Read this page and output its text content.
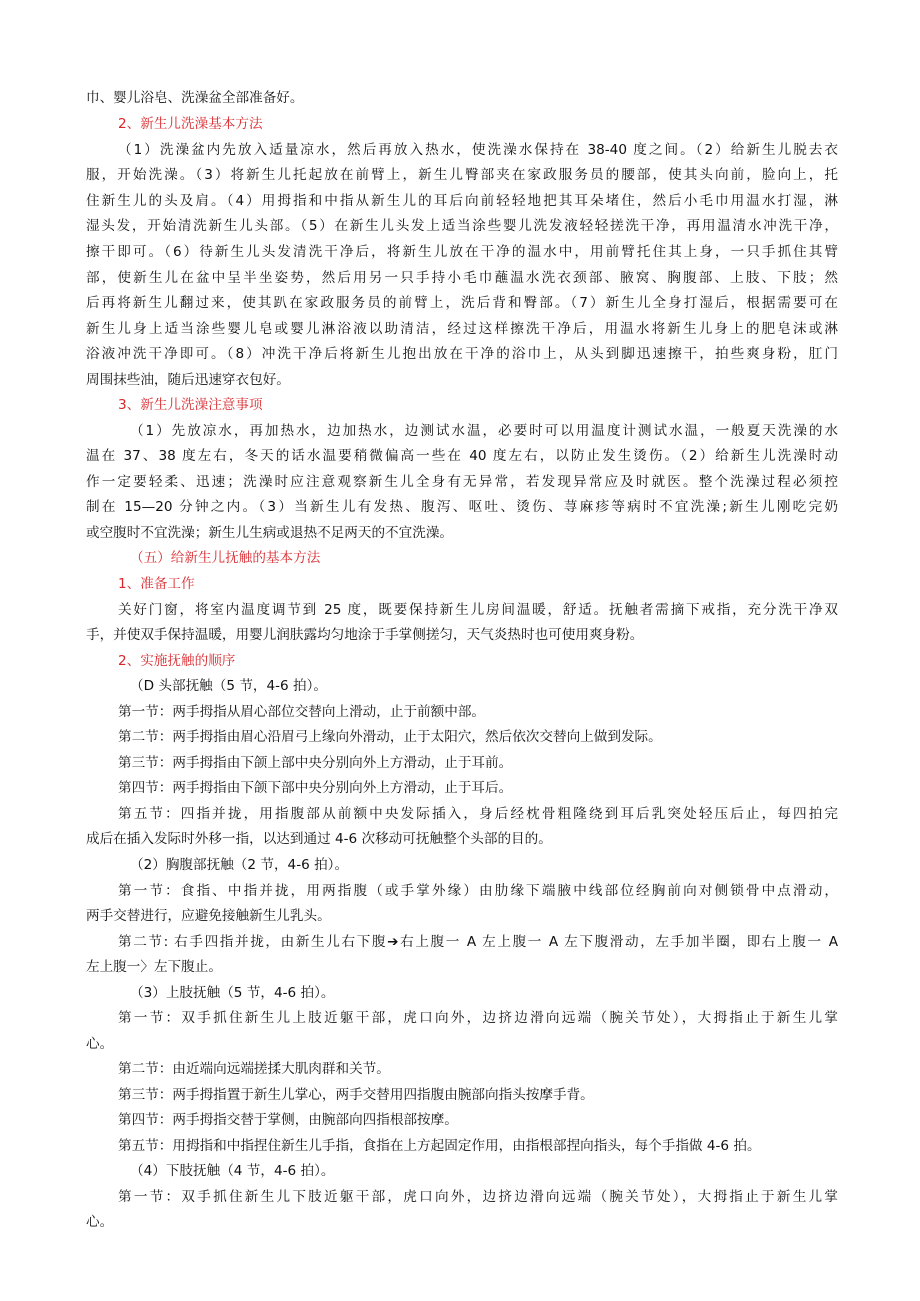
巾、婴儿浴皂、洗澡盆全部准备好。
2、新生儿洗澡基本方法
（1）洗澡盆内先放入适量凉水，然后再放入热水，使洗澡水保持在 38-40 度之间。（2）给新生儿脱去衣
服，开始洗澡。（3）将新生儿托起放在前臂上，新生儿臀部夹在家政服务员的腰部，使其头向前，脸向上，托
住新生儿的头及肩。（4）用拇指和中指从新生儿的耳后向前轻轻地把其耳朵堵住，然后小毛巾用温水打湿，淋
湿头发，开始清洗新生儿头部。（5）在新生儿头发上适当涂些婴儿洗发液轻轻搓洗干净，再用温清水冲洗干净，
擦干即可。（6）待新生儿头发清洗干净后，将新生儿放在干净的温水中，用前臂托住其上身，一只手抓住其臂
部，使新生儿在盆中呈半坐姿势，然后用另一只手持小毛巾蘸温水洗衣颈部、腋窝、胸腹部、上肢、下肢；然
后再将新生儿翻过来，使其趴在家政服务员的前臂上，洗后背和臀部。（7）新生儿全身打湿后，根据需要可在
新生儿身上适当涂些婴儿皂或婴儿淋浴液以助清洁，经过这样擦洗干净后，用温水将新生儿身上的肥皂沫或淋
浴液冲洗干净即可。（8）冲洗干净后将新生儿抱出放在干净的浴巾上，从头到脚迅速擦干，拍些爽身粉，肛门
周围抹些油，随后迅速穿衣包好。
3、新生儿洗澡注意事项
（1）先放凉水，再加热水，边加热水，边测试水温，必要时可以用温度计测试水温，一般夏天洗澡的水
温在 37、38 度左右，冬天的话水温要稍微偏高一些在 40 度左右，以防止发生烫伤。（2）给新生儿洗澡时动
作一定要轻柔、迅速；洗澡时应注意观察新生儿全身有无异常，若发现异常应及时就医。整个洗澡过程必须控
制在 15—20 分钟之内。（3）当新生儿有发热、腹泻、呕吐、烫伤、荨麻疹等病时不宜洗澡;新生儿刚吃完奶
或空腹时不宜洗澡；新生儿生病或退热不足两天的不宜洗澡。
（五）给新生儿抚触的基本方法
1、准备工作
关好门窗，将室内温度调节到 25 度，既要保持新生儿房间温暖，舒适。抚触者需摘下戒指，充分洗干净双
手，并使双手保持温暖，用婴儿润肤露均匀地涂于手掌侧搓匀，天气炎热时也可使用爽身粉。
2、实施抚触的顺序
（D 头部抚触（5 节，4-6 拍）。
第一节：两手拇指从眉心部位交替向上滑动，止于前额中部。
第二节：两手拇指由眉心沿眉弓上缘向外滑动，止于太阳穴，然后依次交替向上做到发际。
第三节：两手拇指由下颌上部中央分别向外上方滑动，止于耳前。
第四节：两手拇指由下颌下部中央分别向外上方滑动，止于耳后。
第五节：四指并拢，用指腹部从前额中央发际插入，身后经枕骨粗隆绕到耳后乳突处轻压后止，每四拍完
成后在插入发际时外移一指，以达到通过 4-6 次移动可抚触整个头部的目的。
（2）胸腹部抚触（2 节，4-6 拍）。
第一节：食指、中指并拢，用两指腹（或手掌外缘）由肋缘下端腋中线部位经胸前向对侧锁骨中点滑动，
两手交替进行，应避免接触新生儿乳头。
第二节: 右手四指并拢，由新生儿右下腹➔右上腹一 A 左上腹一 A 左下腹滑动，左手加半圈，即右上腹一 A
左上腹一〉左下腹止。
（3）上肢抚触（5 节，4-6 拍）。
第一节：双手抓住新生儿上肢近躯干部，虎口向外，边挤边滑向远端（腕关节处），大拇指止于新生儿掌
心。
第二节：由近端向远端搓揉大肌肉群和关节。
第三节：两手拇指置于新生儿掌心，两手交替用四指腹由腕部向指头按摩手背。
第四节：两手拇指交替于掌侧，由腕部向四指根部按摩。
第五节：用拇指和中指捏住新生儿手指，食指在上方起固定作用，由指根部捏向指头，每个手指做 4-6 拍。
（4）下肢抚触（4 节，4-6 拍）。
第一节：双手抓住新生儿下肢近躯干部，虎口向外，边挤边滑向远端（腕关节处），大拇指止于新生儿掌
心。
